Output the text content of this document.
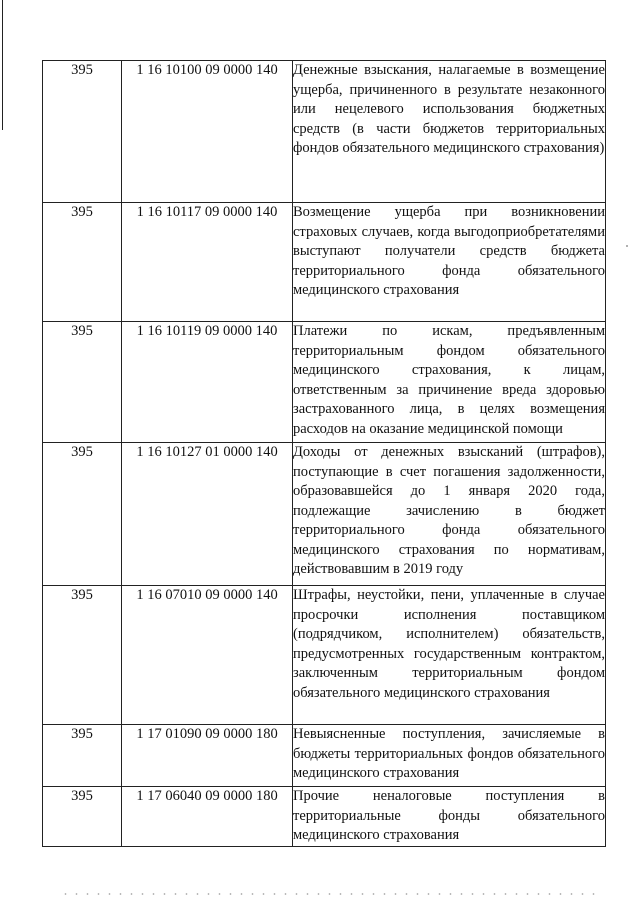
395	1 16 10100 09 0000 140	Денежные взыскания, налагаемые в возмещение ущерба, причиненного в результате незаконного или нецелевого использования бюджетных средств (в части бюджетов территориальных фондов обязательного медицинского страхования)
395	1 16 10117 09 0000 140	Возмещение ущерба при возникновении страховых случаев, когда выгодоприобретателями выступают получатели средств бюджета территориального фонда обязательного медицинского страхования
395	1 16 10119 09 0000 140	Платежи по искам, предъявленным территориальным фондом обязательного медицинского страхования, к лицам, ответственным за причинение вреда здоровью застрахованного лица, в целях возмещения расходов на оказание медицинской помощи
395	1 16 10127 01 0000 140	Доходы от денежных взысканий (штрафов), поступающие в счет погашения задолженности, образовавшейся до 1 января 2020 года, подлежащие зачислению в бюджет территориального фонда обязательного медицинского страхования по нормативам, действовавшим в 2019 году
395	1 16 07010 09 0000 140	Штрафы, неустойки, пени, уплаченные в случае просрочки исполнения поставщиком (подрядчиком, исполнителем) обязательств, предусмотренных государственным контрактом, заключенным территориальным фондом обязательного медицинского страхования
395	1 17 01090 09 0000 180	Невыясненные поступления, зачисляемые в бюджеты территориальных фондов обязательного медицинского страхования
395	1 17 06040 09 0000 180	Прочие неналоговые поступления в территориальные фонды обязательного медицинского страхования
